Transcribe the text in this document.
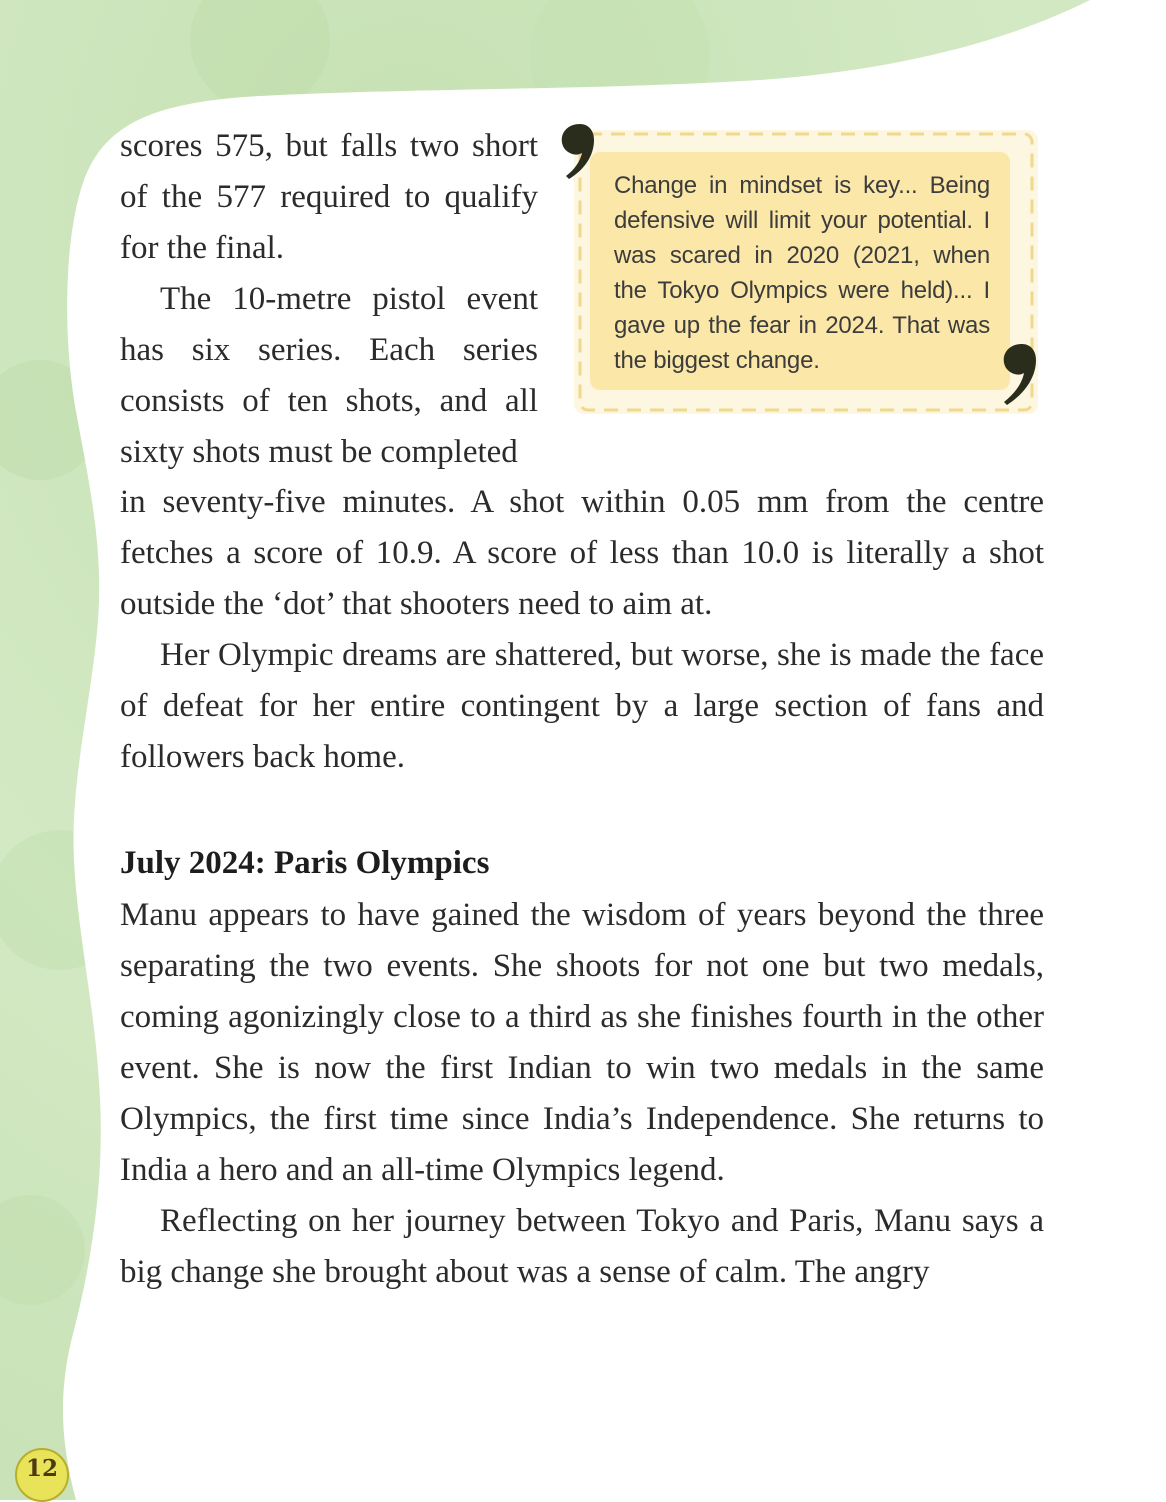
scores 575, but falls two short of the 577 required to qualify for the final.

The 10-metre pistol event has six series. Each series consists of ten shots, and all sixty shots must be completed

in seventy-five minutes. A shot within 0.05 mm from the centre fetches a score of 10.9. A score of less than 10.0 is literally a shot outside the ‘dot’ that shooters need to aim at.

Her Olympic dreams are shattered, but worse, she is made the face of defeat for her entire contingent by a large section of fans and followers back home.

July 2024: Paris Olympics

Manu appears to have gained the wisdom of years beyond the three separating the two events. She shoots for not one but two medals, coming agonizingly close to a third as she finishes fourth in the other event. She is now the first Indian to win two medals in the same Olympics, the first time since India’s Independence. She returns to India a hero and an all-time Olympics legend.

Reflecting on her journey between Tokyo and Paris, Manu says a big change she brought about was a sense of calm. The angry

Change in mindset is key... Being defensive will limit your potential. I was scared in 2020 (2021, when the Tokyo Olympics were held)... I gave up the fear in 2024. That was the biggest change.

12
